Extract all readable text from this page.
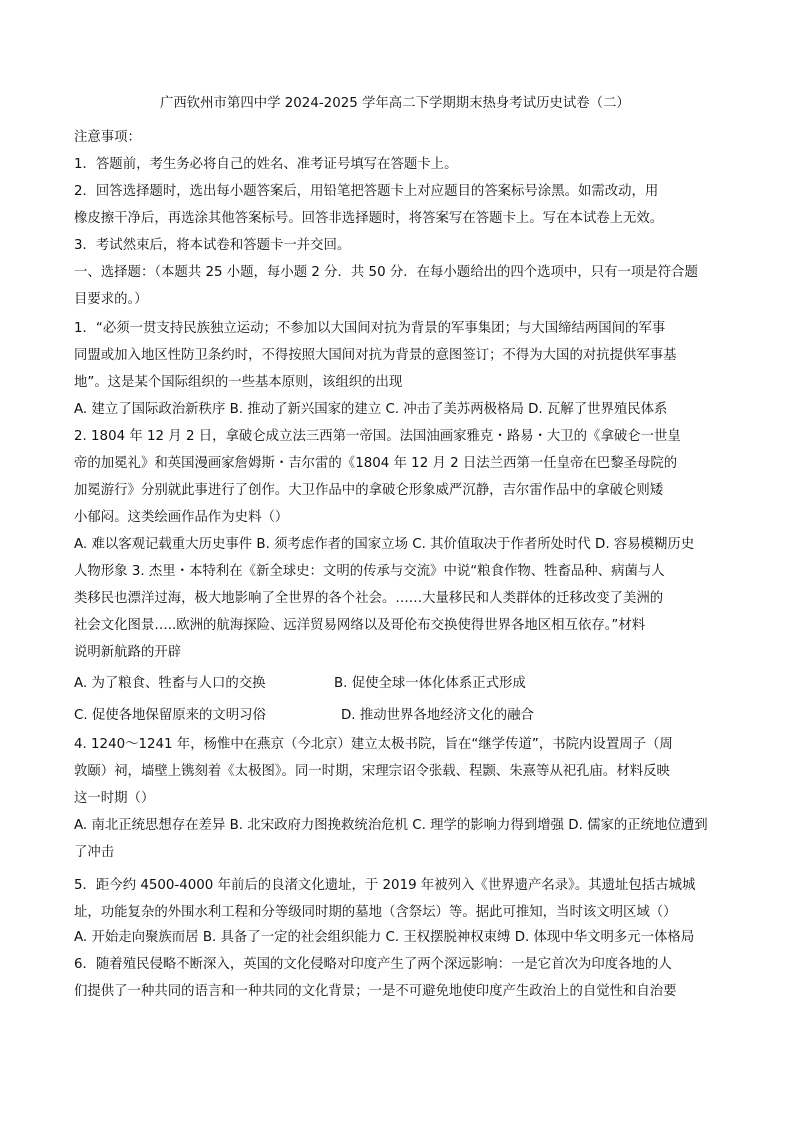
广西钦州市第四中学 2024-2025 学年高二下学期期末热身考试历史试卷（二）
注意事项：
1．答题前，考生务必将自己的姓名、准考证号填写在答题卡上。
2．回答选择题时，选出每小题答案后，用铅笔把答题卡上对应题目的答案标号涂黑。如需改动，用
橡皮擦干净后，再选涂其他答案标号。回答非选择题时，将答案写在答题卡上。写在本试卷上无效。
3．考试然束后，将本试卷和答题卡一并交回。
一、选择题：（本题共 25 小题，每小题 2 分．共 50 分．在每小题给出的四个选项中，只有一项是符合题
目要求的。）
1．“必须一贯支持民族独立运动；不参加以大国间对抗为背景的军事集团；与大国缔结两国间的军事
同盟或加入地区性防卫条约时，不得按照大国间对抗为背景的意图签订；不得为大国的对抗提供军事基
地”。这是某个国际组织的一些基本原则，该组织的出现
A. 建立了国际政治新秩序 B. 推动了新兴国家的建立 C. 冲击了美苏两极格局 D. 瓦解了世界殖民体系
2. 1804 年 12 月 2 日，拿破仑成立法三西第一帝国。法国油画家雅克・路易・大卫的《拿破仑一世皇
帝的加冕礼》和英国漫画家詹姆斯・吉尔雷的《1804 年 12 月 2 日法兰西第一任皇帝在巴黎圣母院的
加冕游行》分别就此事进行了创作。大卫作品中的拿破仑形象威严沉静，吉尔雷作品中的拿破仑则矮
小郁闷。这类绘画作品作为史料（）
A. 难以客观记载重大历史事件 B. 须考虑作者的国家立场 C. 其价值取决于作者所处时代 D. 容易模糊历史
人物形象 3. 杰里・本特利在《新全球史：文明的传承与交流》中说“粮食作物、牲畜品种、病菌与人
类移民也漂洋过海，极大地影响了全世界的各个社会。……大量移民和人类群体的迁移改变了美洲的
社会文化图景…..欧洲的航海探险、远洋贸易网络以及哥伦布交换使得世界各地区相互依存。”材料
说明新航路的开辟
A. 为了粮食、牲畜与人口的交换	B. 促使全球一体化体系正式形成
C. 促使各地保留原来的文明习俗	D. 推动世界各地经济文化的融合
4. 1240～1241 年，杨惟中在燕京（今北京）建立太极书院，旨在“继学传道”，书院内设置周子（周
敦颐）祠，墙壁上镌刻着《太极图》。同一时期，宋理宗诏令张载、程颢、朱熹等从祀孔庙。材料反映
这一时期（）
A. 南北正统思想存在差异 B. 北宋政府力图挽救统治危机 C. 理学的影响力得到增强 D. 儒家的正统地位遭到
了冲击
5．距今约 4500-4000 年前后的良渚文化遗址，于 2019 年被列入《世界遗产名录》。其遗址包括古城城
址，功能复杂的外围水利工程和分等级同时期的墓地（含祭坛）等。据此可推知，当时该文明区域（）
A. 开始走向聚族而居 B. 具备了一定的社会组织能力 C. 王权摆脱神权束缚 D. 体现中华文明多元一体格局
6．随着殖民侵略不断深入，英国的文化侵略对印度产生了两个深远影响：一是它首次为印度各地的人
们提供了一种共同的语言和一种共同的文化背景；一是不可避免地使印度产生政治上的自觉性和自治要
